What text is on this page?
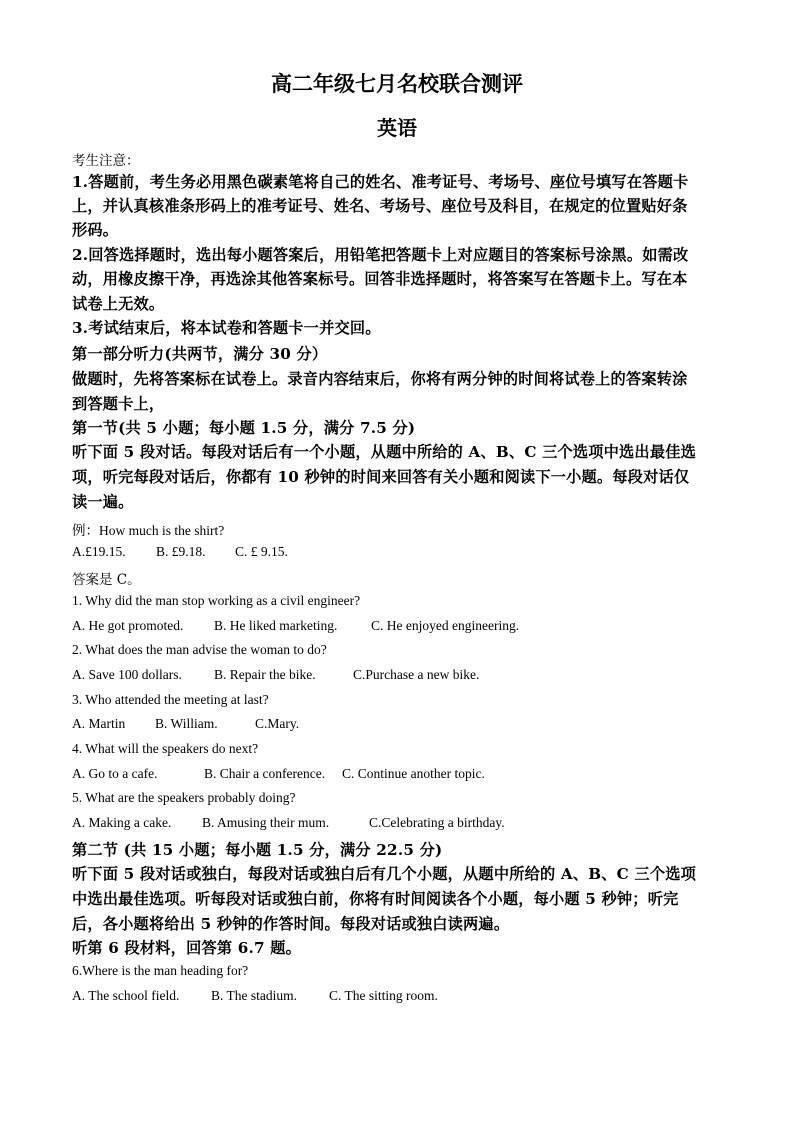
高二年级七月名校联合测评
英语
考生注意：
1.答题前，考生务必用黑色碳素笔将自己的姓名、准考证号、考场号、座位号填写在答题卡
上，并认真核准条形码上的准考证号、姓名、考场号、座位号及科目，在规定的位置贴好条
形码。
2.回答选择题时，选出每小题答案后，用铅笔把答题卡上对应题目的答案标号涂黑。如需改
动，用橡皮擦干净，再选涂其他答案标号。回答非选择题时，将答案写在答题卡上。写在本
试卷上无效。
3.考试结束后，将本试卷和答题卡一并交回。
第一部分听力(共两节，满分 30 分）
做题时，先将答案标在试卷上。录音内容结束后，你将有两分钟的时间将试卷上的答案转涂
到答题卡上，
第一节(共 5 小题；每小题 1.5 分，满分 7.5 分)
听下面 5 段对话。每段对话后有一个小题，从题中所给的 A、B、C 三个选项中选出最佳选
项，听完每段对话后，你都有 10 秒钟的时间来回答有关小题和阅读下一小题。每段对话仅
读一遍。
例：How much is the shirt?
A.£19.15. B. £9.18. C. £ 9.15.
答案是 C。
1. Why did the man stop working as a civil engineer?
A. He got promoted. B. He liked marketing. C. He enjoyed engineering.
2. What does the man advise the woman to do?
A. Save 100 dollars. B. Repair the bike.	C.Purchase a new bike.
3. Who attended the meeting at last?
A. Martin B. William.	C.Mary.
4. What will the speakers do next?
A. Go to a cafe.	B. Chair a conference. C. Continue another topic.
5. What are the speakers probably doing?
A. Making a cake. B. Amusing their mum.	C.Celebrating a birthday.
第二节 (共 15 小题；每小题 1.5 分，满分 22.5 分)
听下面 5 段对话或独白，每段对话或独白后有几个小题，从题中所给的 A、B、C 三个选项
中选出最佳选项。听每段对话或独白前，你将有时间阅读各个小题，每小题 5 秒钟；听完
后，各小题将给出 5 秒钟的作答时间。每段对话或独白读两遍。
听第 6 段材料，回答第 6.7 题。
6.Where is the man heading for?
A. The school field. B. The stadium. C. The sitting room.
